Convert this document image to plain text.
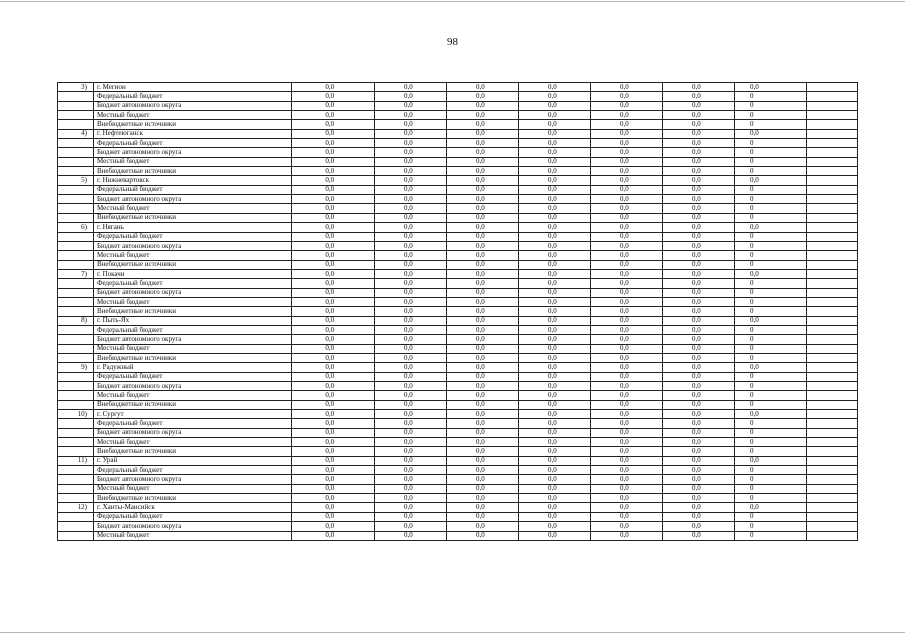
98
3)	г. Мегион	0,0	0,0	0,0	0,0	0,0	0,0	0,0	
	Федеральный бюджет	0,0	0,0	0,0	0,0	0,0	0,0	0	
	Бюджет автономного округа	0,0	0,0	0,0	0,0	0,0	0,0	0	
	Местный бюджет	0,0	0,0	0,0	0,0	0,0	0,0	0	
	Внебюджетные источники	0,0	0,0	0,0	0,0	0,0	0,0	0	
4)	г. Нефтеюганск	0,0	0,0	0,0	0,0	0,0	0,0	0,0	
	Федеральный бюджет	0,0	0,0	0,0	0,0	0,0	0,0	0	
	Бюджет автономного округа	0,0	0,0	0,0	0,0	0,0	0,0	0	
	Местный бюджет	0,0	0,0	0,0	0,0	0,0	0,0	0	
	Внебюджетные источники	0,0	0,0	0,0	0,0	0,0	0,0	0	
5)	г. Нижневартовск	0,0	0,0	0,0	0,0	0,0	0,0	0,0	
	Федеральный бюджет	0,0	0,0	0,0	0,0	0,0	0,0	0	
	Бюджет автономного округа	0,0	0,0	0,0	0,0	0,0	0,0	0	
	Местный бюджет	0,0	0,0	0,0	0,0	0,0	0,0	0	
	Внебюджетные источники	0,0	0,0	0,0	0,0	0,0	0,0	0	
6)	г. Нягань	0,0	0,0	0,0	0,0	0,0	0,0	0,0	
	Федеральный бюджет	0,0	0,0	0,0	0,0	0,0	0,0	0	
	Бюджет автономного округа	0,0	0,0	0,0	0,0	0,0	0,0	0	
	Местный бюджет	0,0	0,0	0,0	0,0	0,0	0,0	0	
	Внебюджетные источники	0,0	0,0	0,0	0,0	0,0	0,0	0	
7)	г. Покачи	0,0	0,0	0,0	0,0	0,0	0,0	0,0	
	Федеральный бюджет	0,0	0,0	0,0	0,0	0,0	0,0	0	
	Бюджет автономного округа	0,0	0,0	0,0	0,0	0,0	0,0	0	
	Местный бюджет	0,0	0,0	0,0	0,0	0,0	0,0	0	
	Внебюджетные источники	0,0	0,0	0,0	0,0	0,0	0,0	0	
8)	г. Пыть-Ях	0,0	0,0	0,0	0,0	0,0	0,0	0,0	
	Федеральный бюджет	0,0	0,0	0,0	0,0	0,0	0,0	0	
	Бюджет автономного округа	0,0	0,0	0,0	0,0	0,0	0,0	0	
	Местный бюджет	0,0	0,0	0,0	0,0	0,0	0,0	0	
	Внебюджетные источники	0,0	0,0	0,0	0,0	0,0	0,0	0	
9)	г. Радужный	0,0	0,0	0,0	0,0	0,0	0,0	0,0	
	Федеральный бюджет	0,0	0,0	0,0	0,0	0,0	0,0	0	
	Бюджет автономного округа	0,0	0,0	0,0	0,0	0,0	0,0	0	
	Местный бюджет	0,0	0,0	0,0	0,0	0,0	0,0	0	
	Внебюджетные источники	0,0	0,0	0,0	0,0	0,0	0,0	0	
10)	г. Сургут	0,0	0,0	0,0	0,0	0,0	0,0	0,0	
	Федеральный бюджет	0,0	0,0	0,0	0,0	0,0	0,0	0	
	Бюджет автономного округа	0,0	0,0	0,0	0,0	0,0	0,0	0	
	Местный бюджет	0,0	0,0	0,0	0,0	0,0	0,0	0	
	Внебюджетные источники	0,0	0,0	0,0	0,0	0,0	0,0	0	
11)	г. Урай	0,0	0,0	0,0	0,0	0,0	0,0	0,0	
	Федеральный бюджет	0,0	0,0	0,0	0,0	0,0	0,0	0	
	Бюджет автономного округа	0,0	0,0	0,0	0,0	0,0	0,0	0	
	Местный бюджет	0,0	0,0	0,0	0,0	0,0	0,0	0	
	Внебюджетные источники	0,0	0,0	0,0	0,0	0,0	0,0	0	
12)	г. Ханты-Мансийск	0,0	0,0	0,0	0,0	0,0	0,0	0,0	
	Федеральный бюджет	0,0	0,0	0,0	0,0	0,0	0,0	0	
	Бюджет автономного округа	0,0	0,0	0,0	0,0	0,0	0,0	0	
	Местный бюджет	0,0	0,0	0,0	0,0	0,0	0,0	0	
